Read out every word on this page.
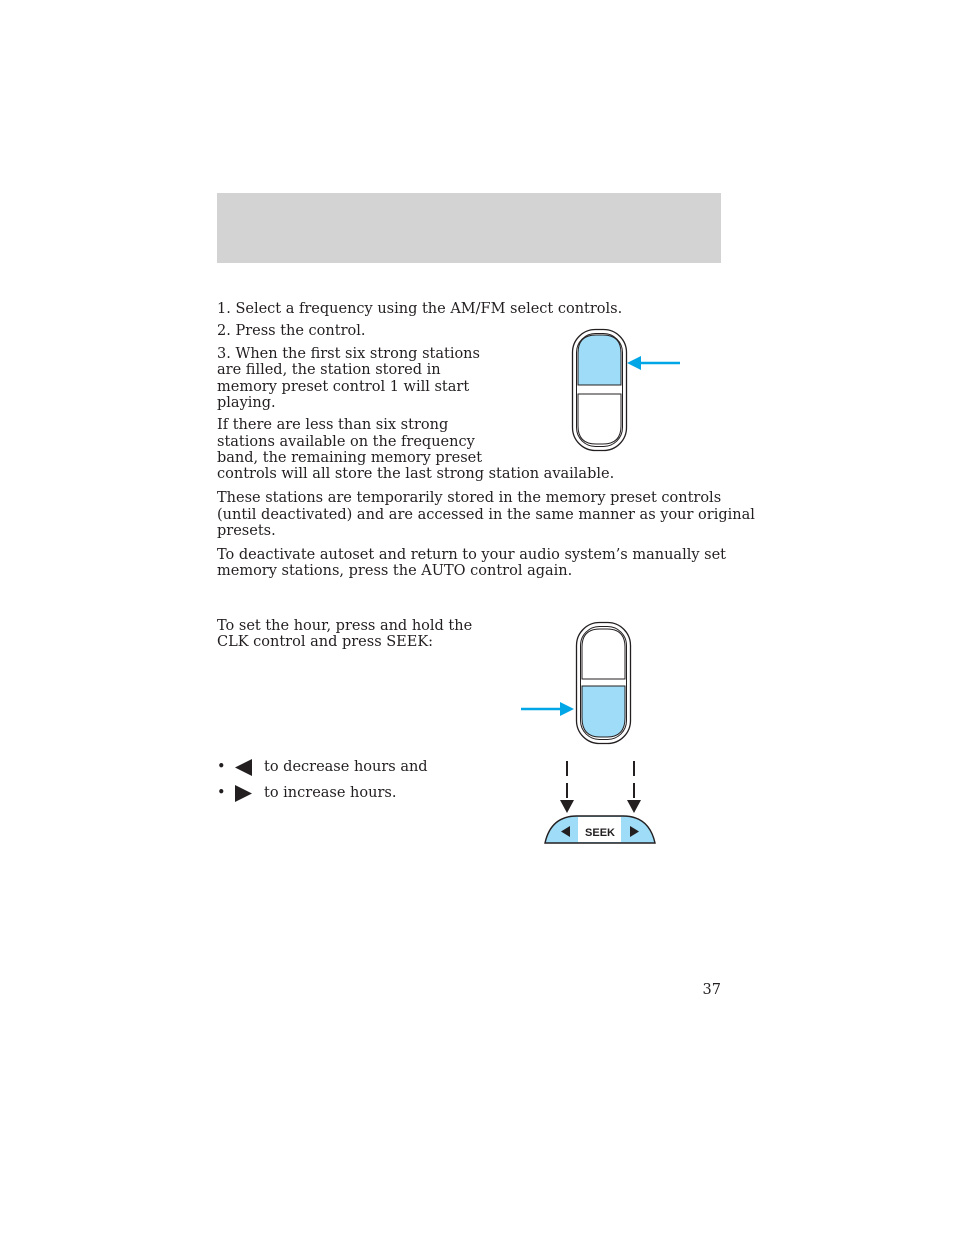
1. Select a frequency using the AM/FM select controls.

2. Press the control.

3. When the first six strong stations

are filled, the station stored in

memory preset control 1 will start

playing.

If there are less than six strong

stations available on the frequency

band, the remaining memory preset

controls will all store the last strong station available.

These stations are temporarily stored in the memory preset controls

(until deactivated) and are accessed in the same manner as your original

presets.

To deactivate autoset and return to your audio system’s manually set

memory stations, press the AUTO control again.

To set the hour, press and hold the

CLK control and press SEEK:

•	to decrease hours and
•	to increase hours.
SEEK
37
